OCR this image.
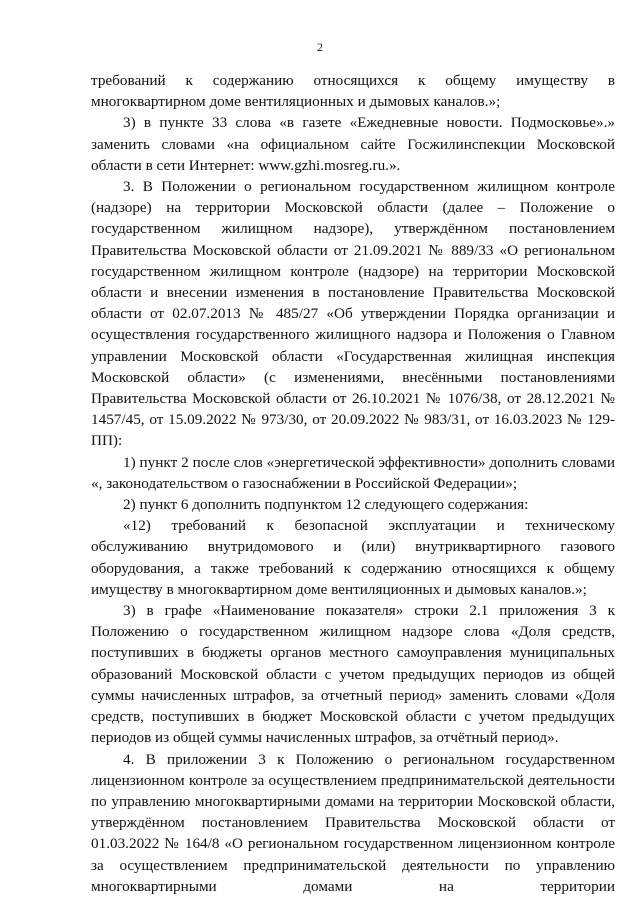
2

требований к содержанию относящихся к общему имуществу в многоквартирном доме вентиляционных и дымовых каналов.»;

3) в пункте 33 слова «в газете «Ежедневные новости. Подмосковье».» заменить словами «на официальном сайте Госжилинспекции Московской области в сети Интернет: www.gzhi.mosreg.ru.».

3. В Положении о региональном государственном жилищном контроле (надзоре) на территории Московской области (далее – Положение о государственном жилищном надзоре), утверждённом постановлением Правительства Московской области от 21.09.2021 № 889/33 «О региональном государственном жилищном контроле (надзоре) на территории Московской области и внесении изменения в постановление Правительства Московской области от 02.07.2013 № 485/27 «Об утверждении Порядка организации и осуществления государственного жилищного надзора и Положения о Главном управлении Московской области «Государственная жилищная инспекция Московской области» (с изменениями, внесёнными постановлениями Правительства Московской области от 26.10.2021 № 1076/38, от 28.12.2021 № 1457/45, от 15.09.2022 № 973/30, от 20.09.2022 № 983/31, от 16.03.2023 № 129-ПП):

1) пункт 2 после слов «энергетической эффективности» дополнить словами «, законодательством о газоснабжении в Российской Федерации»;

2) пункт 6 дополнить подпунктом 12 следующего содержания:

«12) требований к безопасной эксплуатации и техническому обслуживанию внутридомового и (или) внутриквартирного газового оборудования, а также требований к содержанию относящихся к общему имуществу в многоквартирном доме вентиляционных и дымовых каналов.»;

3) в графе «Наименование показателя» строки 2.1 приложения 3 к Положению о государственном жилищном надзоре слова «Доля средств, поступивших в бюджеты органов местного самоуправления муниципальных образований Московской области с учетом предыдущих периодов из общей суммы начисленных штрафов, за отчетный период» заменить словами «Доля средств, поступивших в бюджет Московской области с учетом предыдущих периодов из общей суммы начисленных штрафов, за отчётный период».

4. В приложении 3 к Положению о региональном государственном лицензионном контроле за осуществлением предпринимательской деятельности по управлению многоквартирными домами на территории Московской области, утверждённом постановлением Правительства Московской области от 01.03.2022 № 164/8 «О региональном государственном лицензионном контроле за осуществлением предпринимательской деятельности по управлению многоквартирными домами на территории
